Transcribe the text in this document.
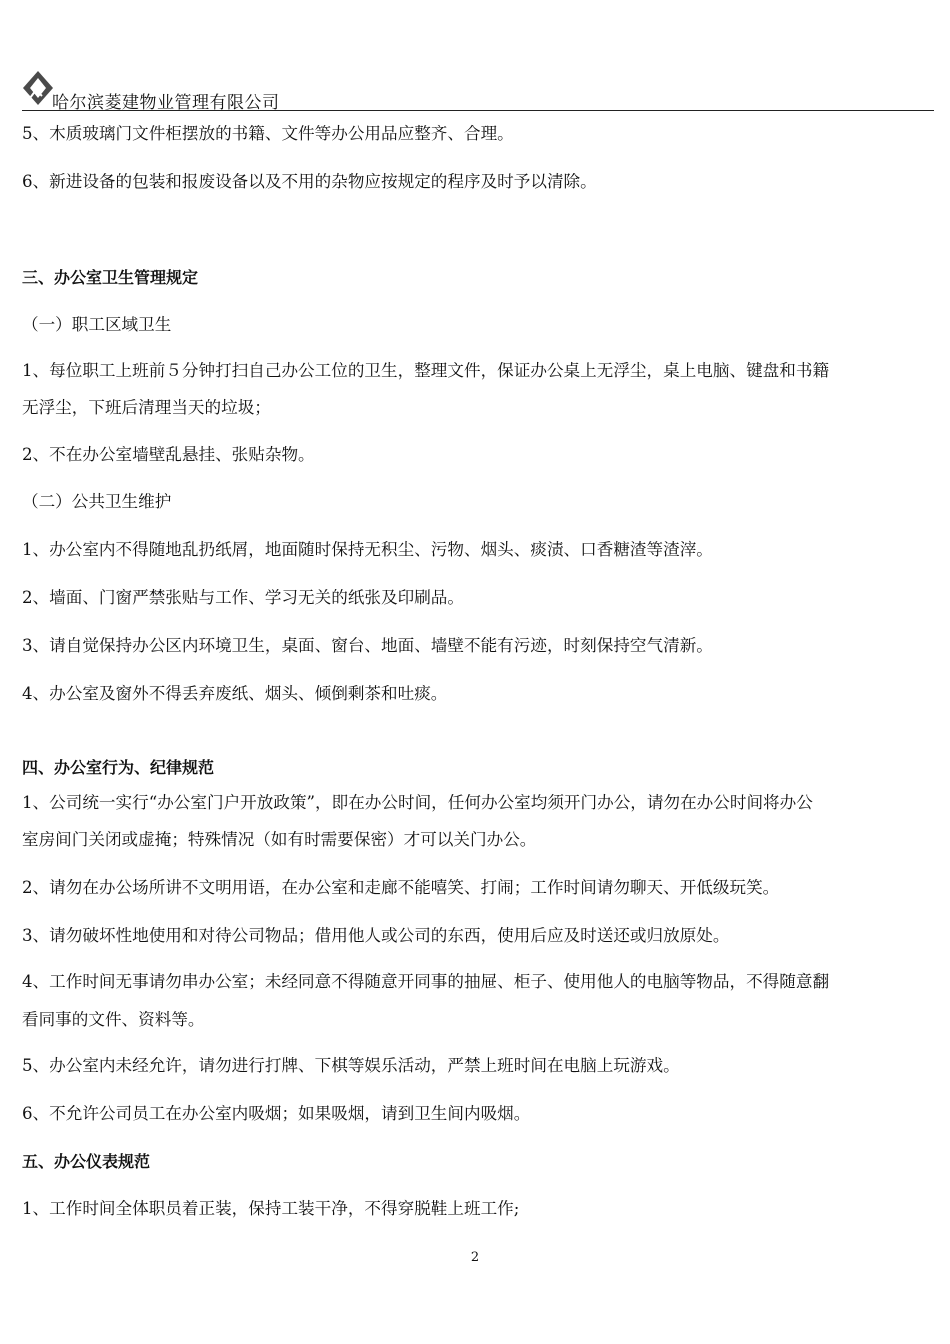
哈尔滨菱建物业管理有限公司
5、木质玻璃门文件柜摆放的书籍、文件等办公用品应整齐、合理。
6、新进设备的包装和报废设备以及不用的杂物应按规定的程序及时予以清除。
三、办公室卫生管理规定
（一）职工区域卫生
1、每位职工上班前５分钟打扫自己办公工位的卫生，整理文件，保证办公桌上无浮尘，桌上电脑、键盘和书籍
无浮尘，下班后清理当天的垃圾；
2、不在办公室墙壁乱悬挂、张贴杂物。
（二）公共卫生维护
1、办公室内不得随地乱扔纸屑，地面随时保持无积尘、污物、烟头、痰渍、口香糖渣等渣滓。
2、墙面、门窗严禁张贴与工作、学习无关的纸张及印刷品。
3、请自觉保持办公区内环境卫生，桌面、窗台、地面、墙壁不能有污迹，时刻保持空气清新。
4、办公室及窗外不得丢弃废纸、烟头、倾倒剩茶和吐痰。
四、办公室行为、纪律规范
1、公司统一实行“办公室门户开放政策”，即在办公时间，任何办公室均须开门办公，请勿在办公时间将办公
室房间门关闭或虚掩；特殊情况（如有时需要保密）才可以关门办公。
2、请勿在办公场所讲不文明用语，在办公室和走廊不能嘻笑、打闹；工作时间请勿聊天、开低级玩笑。
3、请勿破坏性地使用和对待公司物品；借用他人或公司的东西，使用后应及时送还或归放原处。
4、工作时间无事请勿串办公室；未经同意不得随意开同事的抽屉、柜子、使用他人的电脑等物品，不得随意翻
看同事的文件、资料等。
5、办公室内未经允许，请勿进行打牌、下棋等娱乐活动，严禁上班时间在电脑上玩游戏。
6、不允许公司员工在办公室内吸烟；如果吸烟，请到卫生间内吸烟。
五、办公仪表规范
1、工作时间全体职员着正装，保持工装干净，不得穿脱鞋上班工作;
2
